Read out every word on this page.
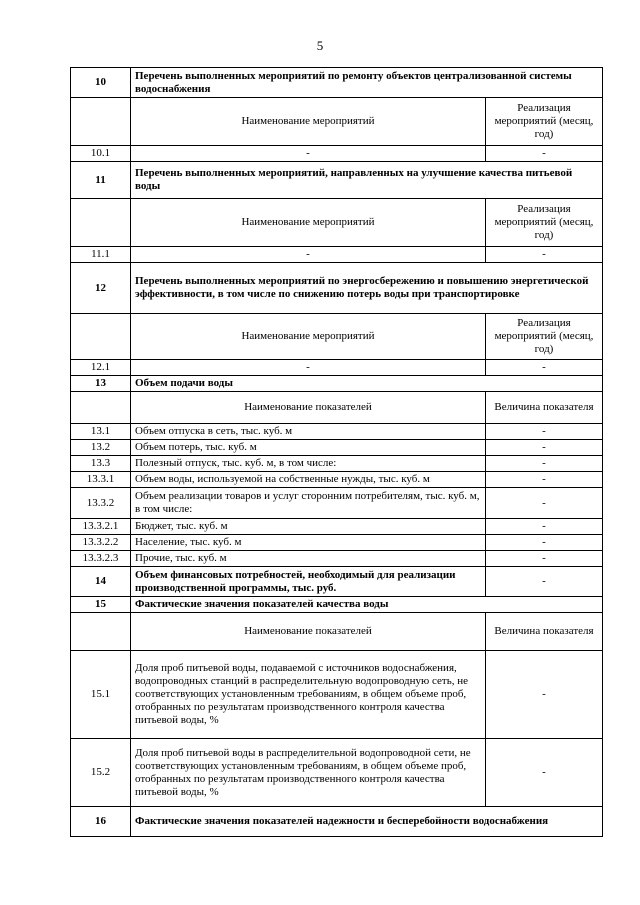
5
10	Перечень выполненных мероприятий по ремонту объектов централизованной системы водоснабжения	
	Наименование мероприятий	Реализация мероприятий (месяц, год)
10.1	-	-
11	Перечень выполненных мероприятий, направленных на улучшение качества питьевой воды	
	Наименование мероприятий	Реализация мероприятий (месяц, год)
11.1	-	-
12	Перечень выполненных мероприятий по энергосбережению и повышению энергетической эффективности, в том числе по снижению потерь воды при транспортировке	
	Наименование мероприятий	Реализация мероприятий (месяц, год)
12.1	-	-
13	Объем подачи воды	
	Наименование показателей	Величина показателя
13.1	Объем отпуска в сеть, тыс. куб. м	-
13.2	Объем потерь, тыс. куб. м	-
13.3	Полезный отпуск, тыс. куб. м, в том числе:	-
13.3.1	Объем воды, используемой на собственные нужды, тыс. куб. м	-
13.3.2	Объем реализации товаров и услуг сторонним потребителям, тыс. куб. м, в том числе:	-
13.3.2.1	Бюджет, тыс. куб. м	-
13.3.2.2	Население, тыс. куб. м	-
13.3.2.3	Прочие, тыс. куб. м	-
14	Объем финансовых потребностей, необходимый для реализации производственной программы, тыс. руб.	-
15	Фактические значения показателей качества воды	
	Наименование показателей	Величина показателя
15.1	Доля проб питьевой воды, подаваемой с источников водоснабжения, водопроводных станций в распределительную водопроводную сеть, не соответствующих установленным требованиям, в общем объеме проб, отобранных по результатам производственного контроля качества питьевой воды, %	-
15.2	Доля проб питьевой воды в распределительной водопроводной сети, не соответствующих установленным требованиям, в общем объеме проб, отобранных по результатам производственного контроля качества питьевой воды, %	-
16	Фактические значения показателей надежности и бесперебойности водоснабжения	
